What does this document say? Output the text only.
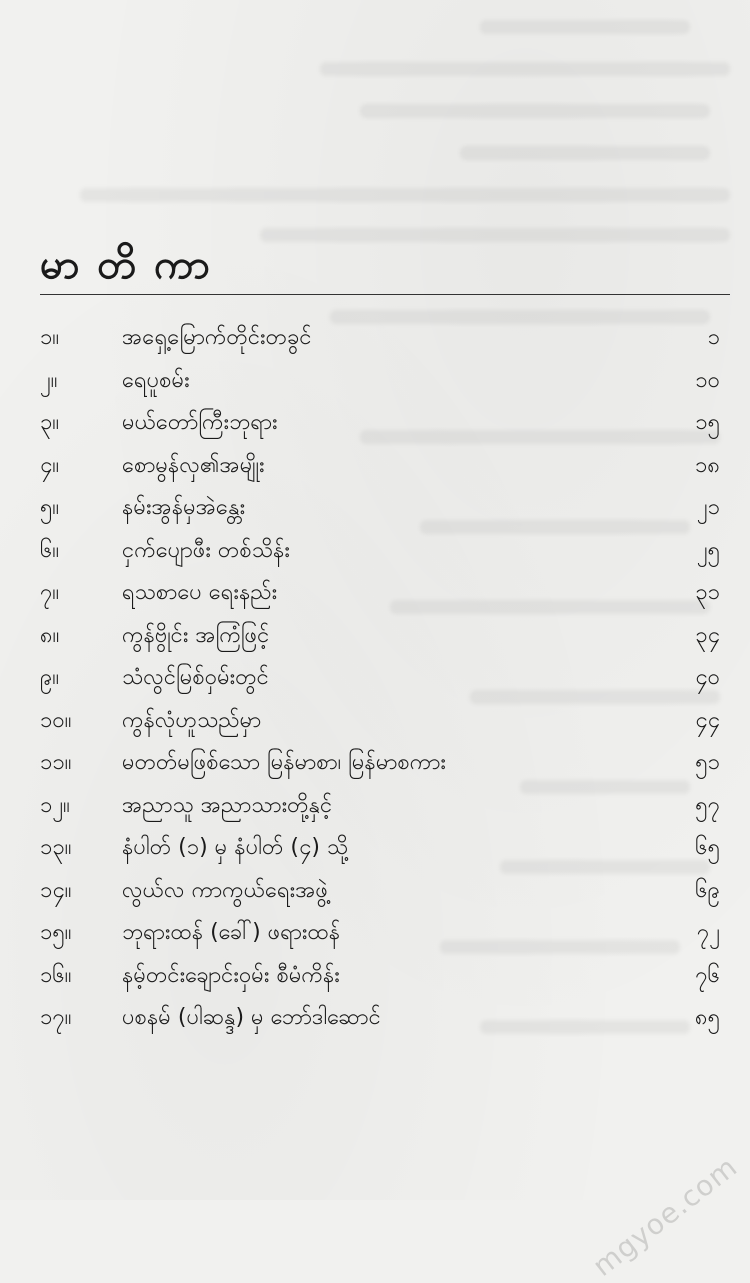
မာ တိ ကာ
၁။	အရှေ့မြောက်တိုင်းတခွင်	၁
၂။	ရေပူစမ်း	၁၀
၃။	မယ်တော်ကြီးဘုရား	၁၅
၄။	စောမွန်လှ၏အမျိုး	၁၈
၅။	နမ်းအွန်မှအဲန္တေး	၂၁
၆။	ငှက်ပျောဖီး တစ်သိန်း	၂၅
၇။	ရသစာပေ ရေးနည်း	၃၁
၈။	ကွန်ဗွိုင်း အကြံဖြင့်	၃၄
၉။	သံလွင်မြစ်ဝှမ်းတွင်	၄၀
၁၀။	ကွန်လုံဟူသည်မှာ	၄၄
၁၁။	မတတ်မဖြစ်သော မြန်မာစာ၊ မြန်မာစကား	၅၁
၁၂။	အညာသူ အညာသားတို့နှင့်	၅၇
၁၃။	နံပါတ် (၁) မှ နံပါတ် (၄) သို့	၆၅
၁၄။	လွယ်လ ကာကွယ်ရေးအဖွဲ့	၆၉
၁၅။	ဘုရားထန် (ခေါ်) ဖရားထန်	၇၂
၁၆။	နမ့်တင်းချောင်းဝှမ်း စီမံကိန်း	၇၆
၁၇။	ပစနမ် (ပါဆန္ဒ) မှ ဘော်ဒါဆောင်	၈၅
mgyoe.com
